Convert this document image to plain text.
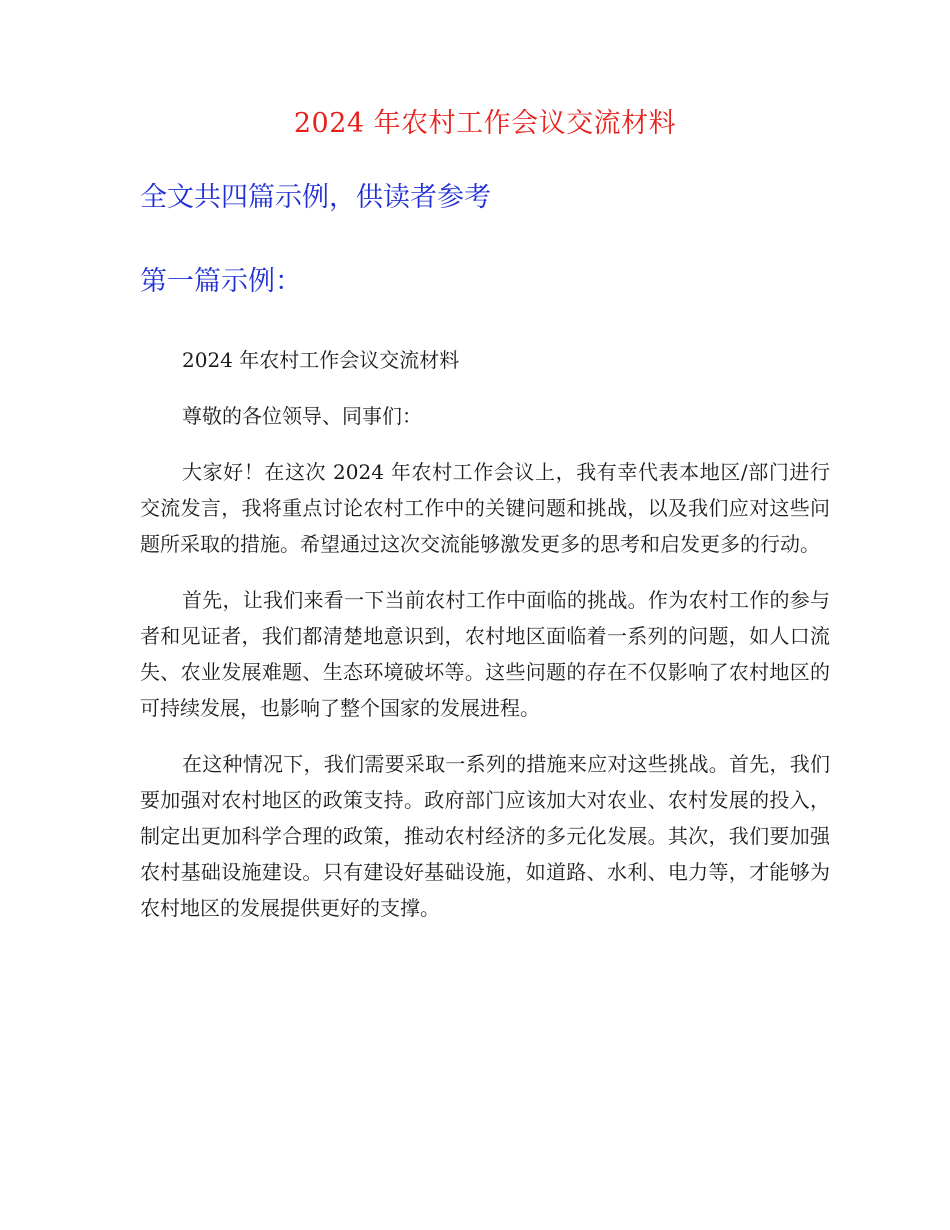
2024 年农村工作会议交流材料
全文共四篇示例，供读者参考
第一篇示例：

2024 年农村工作会议交流材料

尊敬的各位领导、同事们：

大家好！在这次 2024 年农村工作会议上，我有幸代表本地区/部门进行交流发言，我将重点讨论农村工作中的关键问题和挑战，以及我们应对这些问题所采取的措施。希望通过这次交流能够激发更多的思考和启发更多的行动。

首先，让我们来看一下当前农村工作中面临的挑战。作为农村工作的参与者和见证者，我们都清楚地意识到，农村地区面临着一系列的问题，如人口流失、农业发展难题、生态环境破坏等。这些问题的存在不仅影响了农村地区的可持续发展，也影响了整个国家的发展进程。

在这种情况下，我们需要采取一系列的措施来应对这些挑战。首先，我们要加强对农村地区的政策支持。政府部门应该加大对农业、农村发展的投入，制定出更加科学合理的政策，推动农村经济的多元化发展。其次，我们要加强农村基础设施建设。只有建设好基础设施，如道路、水利、电力等，才能够为农村地区的发展提供更好的支撑。
